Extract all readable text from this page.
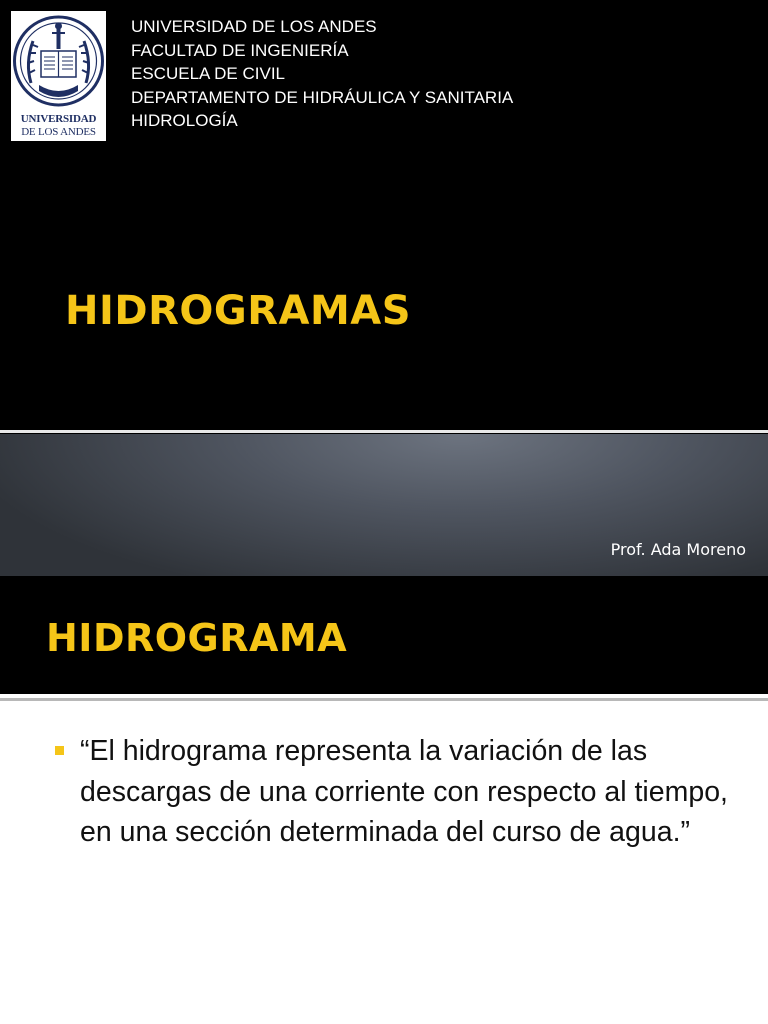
UNIVERSIDAD
DE LOS ANDES
UNIVERSIDAD DE LOS ANDES
FACULTAD DE INGENIERÍA
ESCUELA DE CIVIL
DEPARTAMENTO DE HIDRÁULICA Y SANITARIA
HIDROLOGÍA
HIDROGRAMAS
Prof. Ada Moreno
HIDROGRAMA
“El hidrograma representa la variación de las descargas de una corriente con respecto al tiempo, en una sección determinada del curso de agua.”
